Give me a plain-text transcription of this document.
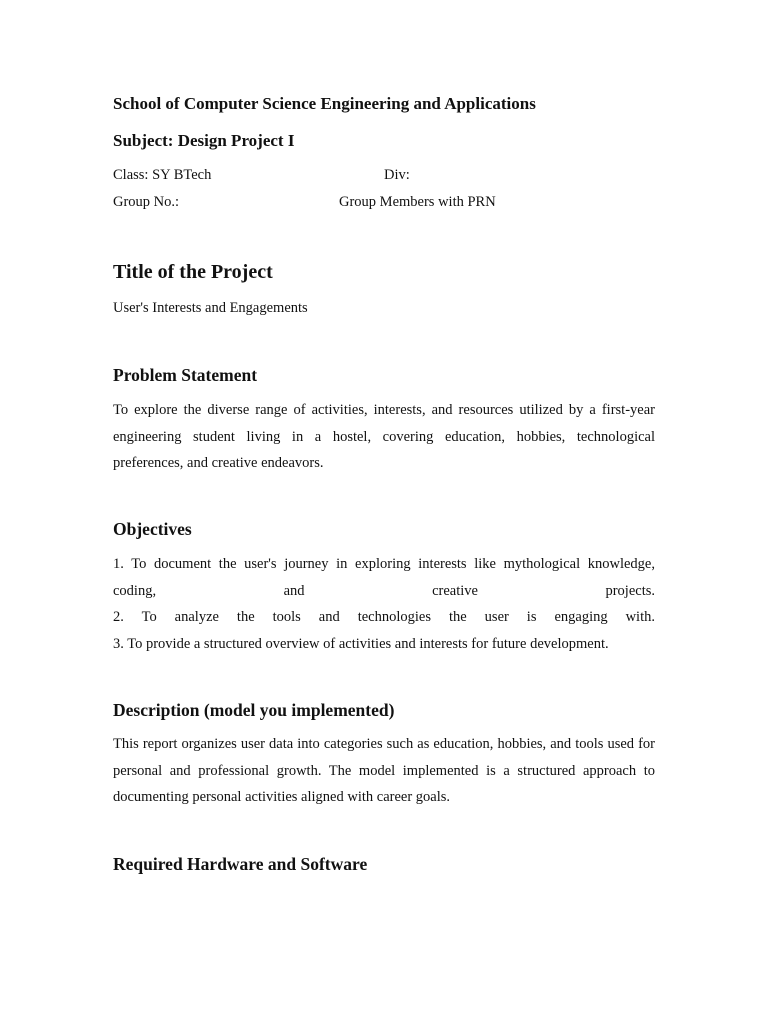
School of Computer Science Engineering and Applications
Subject: Design Project I
Class: SY BTech	Div:
Group No.:	Group Members with PRN
Title of the Project
User's Interests and Engagements
Problem Statement
To explore the diverse range of activities, interests, and resources utilized by a first-year engineering student living in a hostel, covering education, hobbies, technological preferences, and creative endeavors.
Objectives
1. To document the user's journey in exploring interests like mythological knowledge,
coding, and creative projects.
2. To analyze the tools and technologies the user is engaging with.
3. To provide a structured overview of activities and interests for future development.
Description (model you implemented)
This report organizes user data into categories such as education, hobbies, and tools used for personal and professional growth. The model implemented is a structured approach to documenting personal activities aligned with career goals.
Required Hardware and Software
